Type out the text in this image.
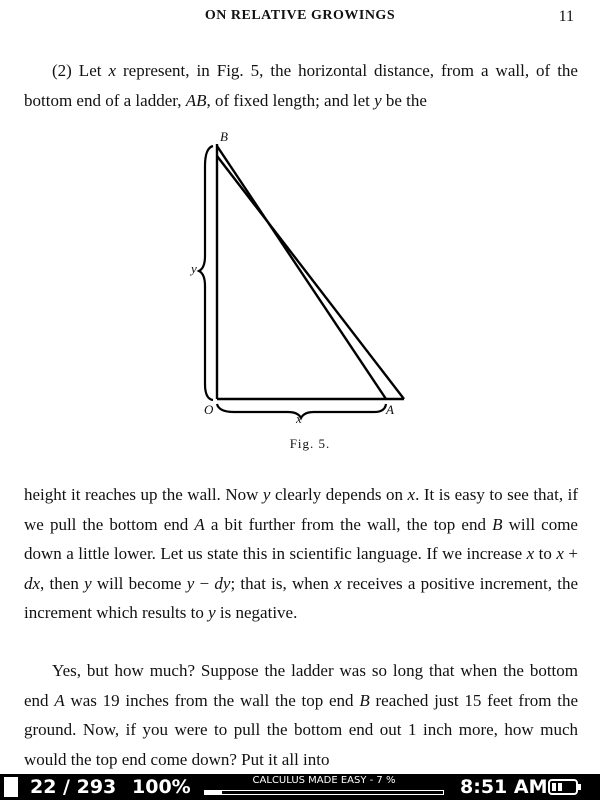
ON RELATIVE GROWINGS	11

(2) Let x represent, in Fig. 5, the horizontal distance, from a wall, of the bottom end of a ladder, AB, of fixed length; and let y be the

B
O	A
x
y
Fig. 5.

height it reaches up the wall. Now y clearly depends on x. It is easy to see that, if we pull the bottom end A a bit further from the wall, the top end B will come down a little lower. Let us state this in scientific language. If we increase x to x + dx, then y will become y − dy; that is, when x receives a positive increment, the increment which results to y is negative.

Yes, but how much? Suppose the ladder was so long that when the bottom end A was 19 inches from the wall the top end B reached just 15 feet from the ground. Now, if you were to pull the bottom end out 1 inch more, how much would the top end come down? Put it all into

22 / 293 100%	CALCULUS MADE EASY - 7 %	8:51 AM
